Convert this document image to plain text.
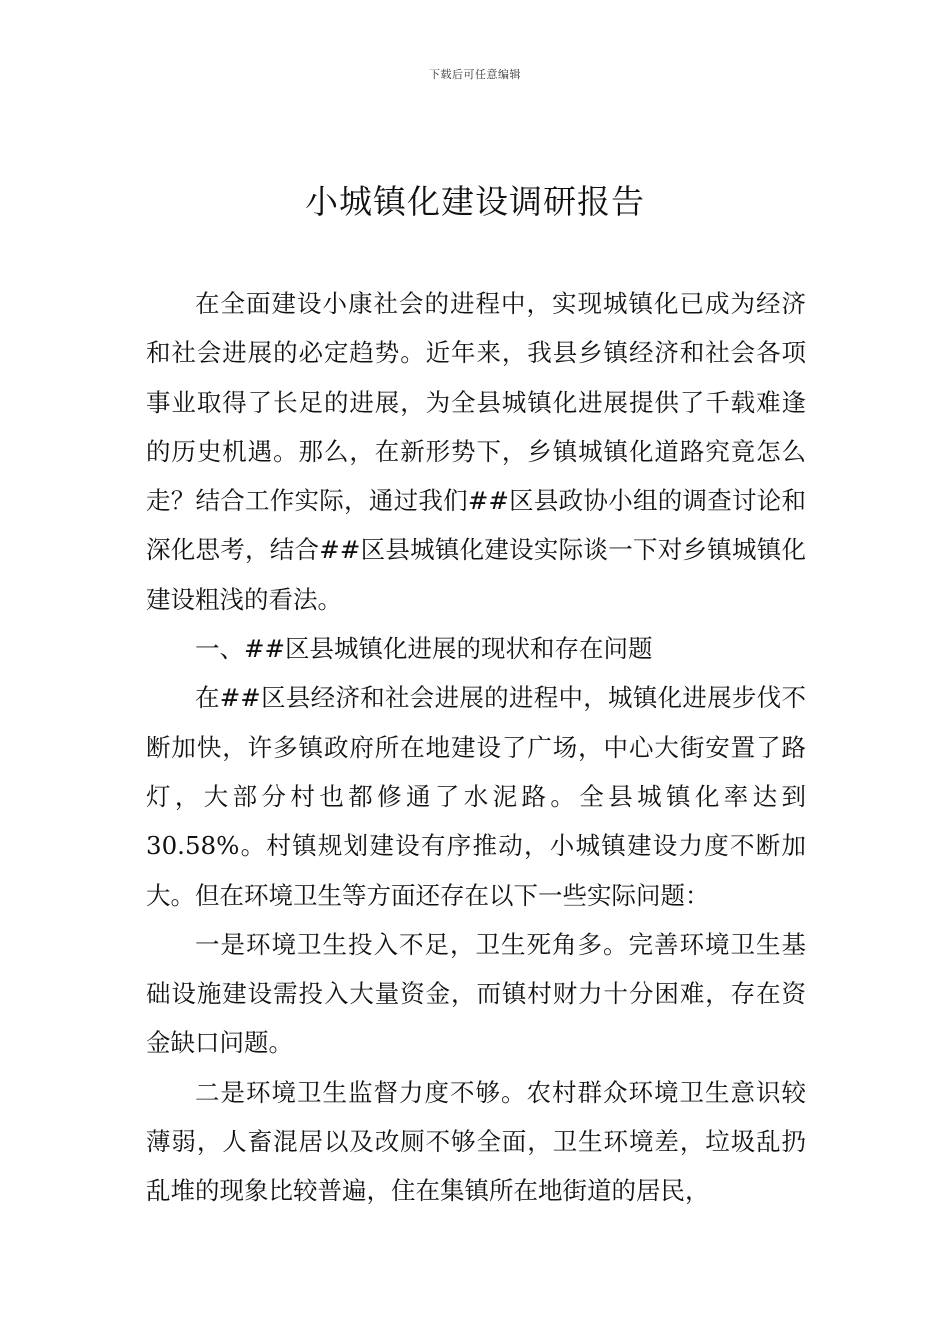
下载后可任意编辑
小城镇化建设调研报告

在全面建设小康社会的进程中，实现城镇化已成为经济和社会进展的必定趋势。近年来，我县乡镇经济和社会各项事业取得了长足的进展，为全县城镇化进展提供了千载难逢的历史机遇。那么，在新形势下，乡镇城镇化道路究竟怎么走？结合工作实际，通过我们##区县政协小组的调查讨论和深化思考，结合##区县城镇化建设实际谈一下对乡镇城镇化建设粗浅的看法。

一、##区县城镇化进展的现状和存在问题

在##区县经济和社会进展的进程中，城镇化进展步伐不断加快，许多镇政府所在地建设了广场，中心大街安置了路灯，大部分村也都修通了水泥路。全县城镇化率达到30.58%。村镇规划建设有序推动，小城镇建设力度不断加大。但在环境卫生等方面还存在以下一些实际问题：

一是环境卫生投入不足，卫生死角多。完善环境卫生基础设施建设需投入大量资金，而镇村财力十分困难，存在资金缺口问题。

二是环境卫生监督力度不够。农村群众环境卫生意识较薄弱，人畜混居以及改厕不够全面，卫生环境差，垃圾乱扔乱堆的现象比较普遍，住在集镇所在地街道的居民，
